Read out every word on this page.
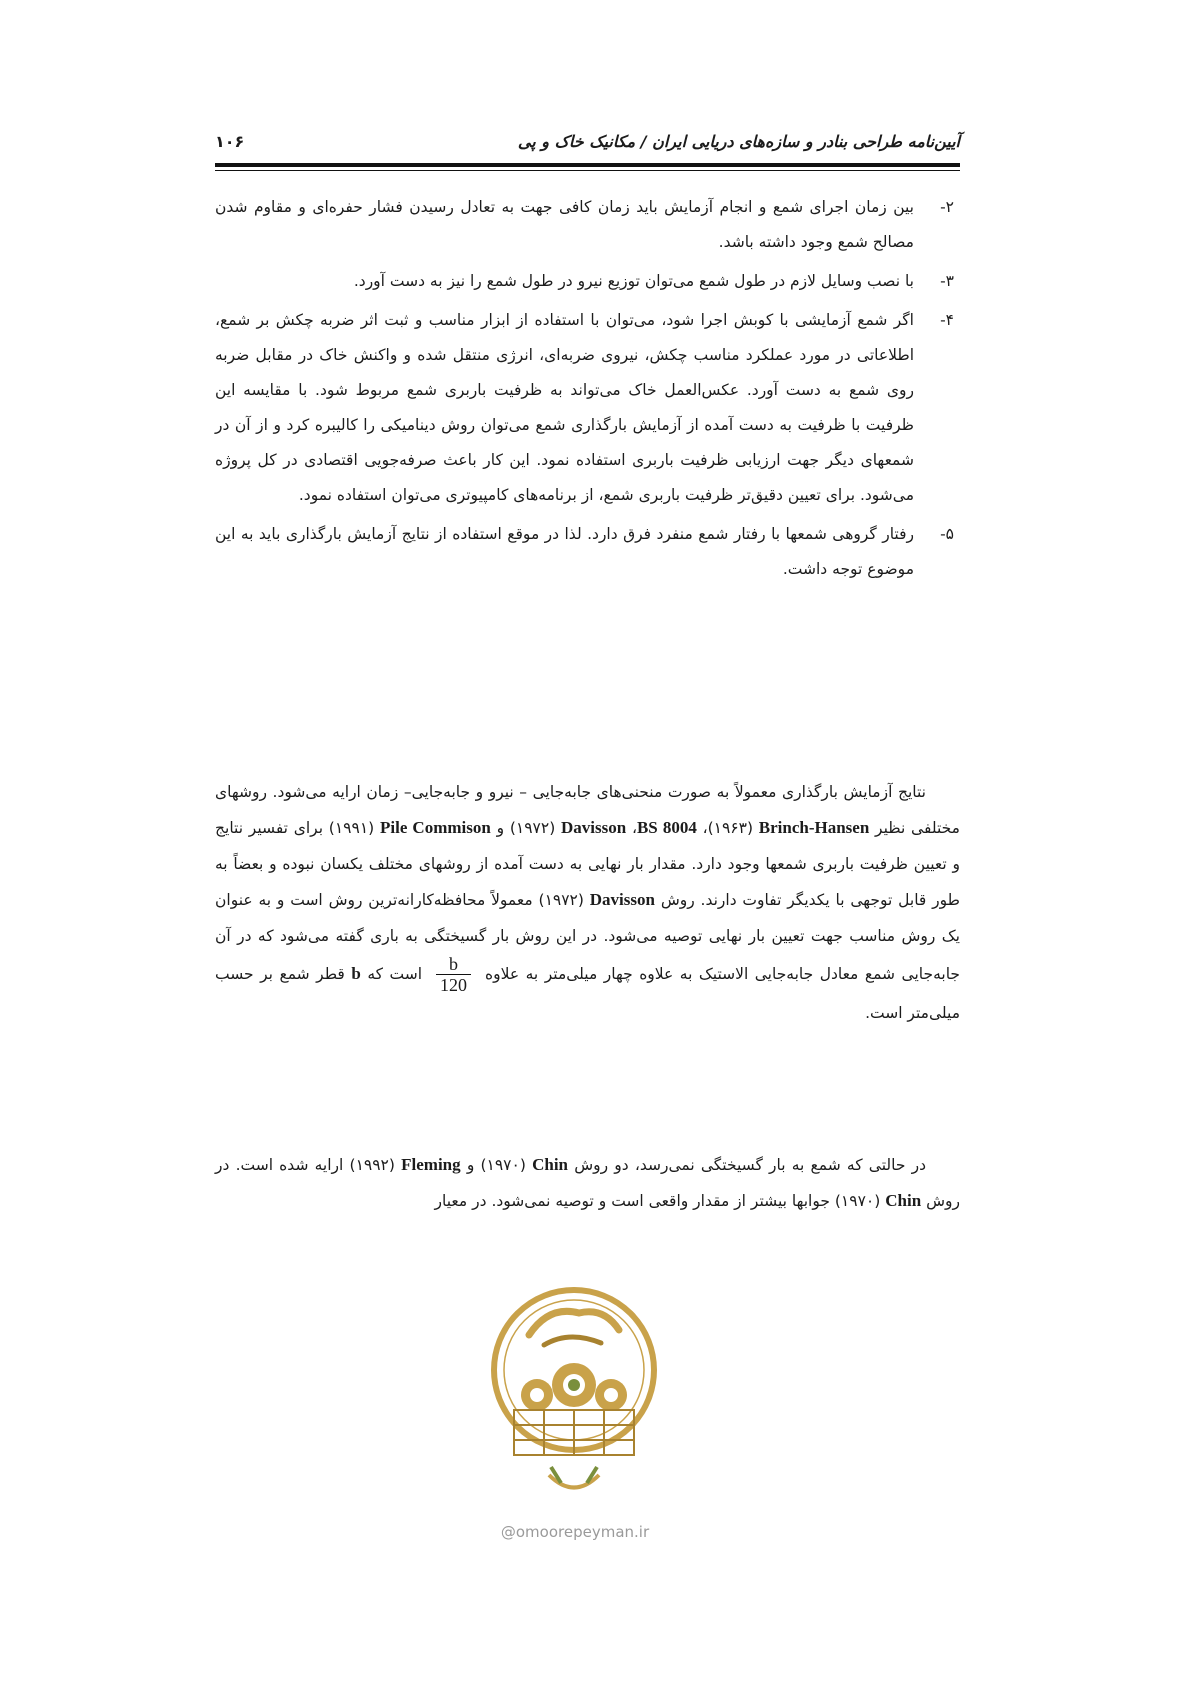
آیین‌نامه طراحی بنادر و سازه‌های دریایی ایران / مکانیک خاک و پی
۱۰۶
۲-
بین زمان اجرای شمع و انجام آزمایش باید زمان کافی جهت به تعادل رسیدن فشار حفره‌ای و مقاوم شدن مصالح شمع وجود داشته باشد.
۳-
با نصب وسایل لازم در طول شمع می‌توان توزیع نیرو در طول شمع را نیز به دست آورد.
۴-
اگر شمع آزمایشی با کوبش اجرا شود، می‌توان با استفاده از ابزار مناسب و ثبت اثر ضربه چکش بر شمع، اطلاعاتی در مورد عملکرد مناسب چکش، نیروی ضربه‌ای، انرژی منتقل شده و واکنش خاک در مقابل ضربه روی شمع به دست آورد. عکس‌العمل خاک می‌تواند به ظرفیت باربری شمع مربوط شود. با مقایسه این ظرفیت با ظرفیت به دست آمده از آزمایش بارگذاری شمع می‌توان روش دینامیکی را کالیبره کرد و از آن در شمعهای دیگر جهت ارزیابی ظرفیت باربری استفاده نمود. این کار باعث صرفه‌جویی اقتصادی در کل پروژه می‌شود. برای تعیین دقیق‌تر ظرفیت باربری شمع، از برنامه‌های کامپیوتری می‌توان استفاده نمود.
۵-
رفتار گروهی شمعها با رفتار شمع منفرد فرق دارد. لذا در موقع استفاده از نتایج آزمایش بارگذاری باید به این موضوع توجه داشت.

نتایج آزمایش بارگذاری معمولاً به صورت منحنی‌های جابه‌جایی – نیرو و جابه‌جایی– زمان ارایه می‌شود. روشهای مختلفی نظیر Brinch-Hansen (۱۹۶۳)، BS 8004، Davisson (۱۹۷۲) و Pile Commison (۱۹۹۱) برای تفسیر نتایج و تعیین ظرفیت باربری شمعها وجود دارد. مقدار بار نهایی به دست آمده از روشهای مختلف یکسان نبوده و بعضاً به طور قابل توجهی با یکدیگر تفاوت دارند. روش Davisson (۱۹۷۲) معمولاً محافظه‌کارانه‌ترین روش است و به عنوان یک روش مناسب جهت تعیین بار نهایی توصیه می‌شود. در این روش بار گسیختگی به باری گفته می‌شود که در آن جابه‌جایی شمع معادل جابه‌جایی الاستیک به علاوه چهار میلی‌متر به علاوه
$\frac{b}{120}$
است که b قطر شمع بر حسب میلی‌متر است.

در حالتی که شمع به بار گسیختگی نمی‌رسد، دو روش Chin (۱۹۷۰) و Fleming (۱۹۹۲) ارایه شده است. در روش Chin (۱۹۷۰) جوابها بیشتر از مقدار واقعی است و توصیه نمی‌شود. در معیار

@omoorepeyman.ir
